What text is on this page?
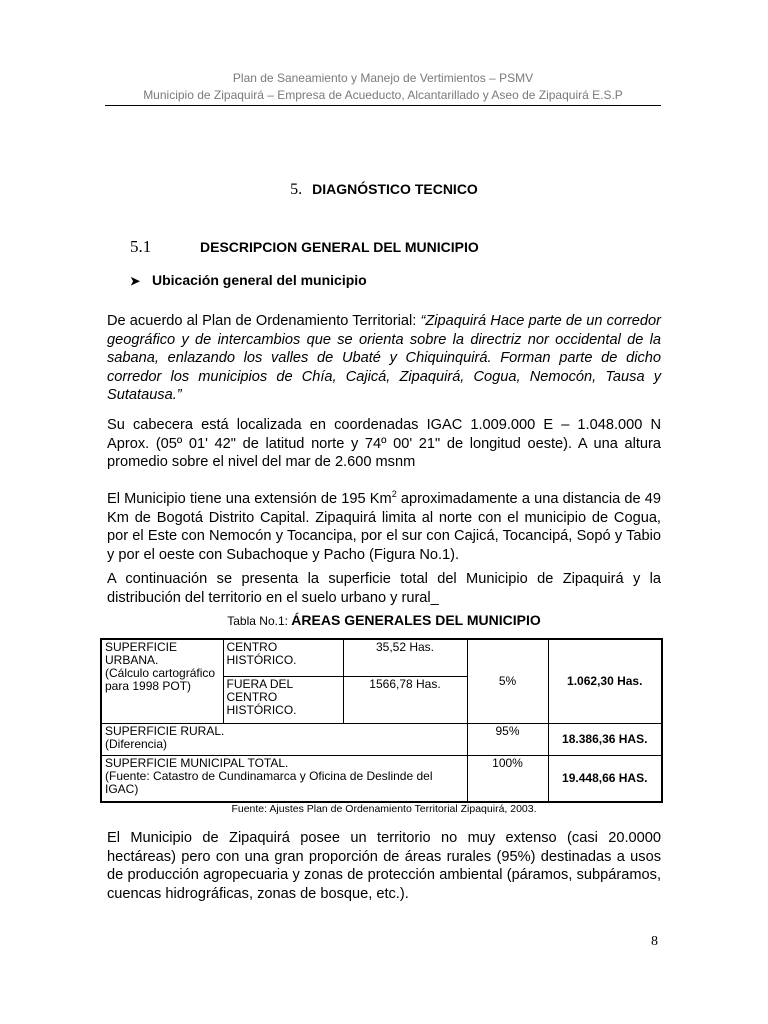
Plan de Saneamiento y Manejo de Vertimientos – PSMV
Municipio de Zipaquirá – Empresa de Acueducto, Alcantarillado y Aseo de Zipaquirá E.S.P
5. DIAGNÓSTICO TECNICO
5.1	DESCRIPCION GENERAL DEL MUNICIPIO
➤ Ubicación general del municipio
De acuerdo al Plan de Ordenamiento Territorial: “Zipaquirá Hace parte de un corredor geográfico y de intercambios que se orienta sobre la directriz nor occidental de la sabana, enlazando los valles de Ubaté y Chiquinquirá. Forman parte de dicho corredor los municipios de Chía, Cajicá, Zipaquirá, Cogua, Nemocón, Tausa y Sutatausa.”
Su cabecera está localizada en coordenadas IGAC 1.009.000 E – 1.048.000 N Aprox. (05º 01' 42" de latitud norte y 74º 00' 21" de longitud oeste). A una altura promedio sobre el nivel del mar de 2.600 msnm
El Municipio tiene una extensión de 195 Km$^2$ aproximadamente a una distancia de 49 Km de Bogotá Distrito Capital. Zipaquirá limita al norte con el municipio de Cogua, por el Este con Nemocón y Tocancipa, por el sur con Cajicá, Tocancipá, Sopó y Tabio y por el oeste con Subachoque y Pacho (Figura No.1).
A continuación se presenta la superficie total del Municipio de Zipaquirá y la distribución del territorio en el suelo urbano y rural_
Tabla No.1: ÁREAS GENERALES DEL MUNICIPIO
SUPERFICIE URBANA.
(Cálculo cartográfico para 1998 POT)	CENTRO HISTÓRICO.	35,52 Has.	5%	1.062,30 Has.
	FUERA DEL CENTRO HISTÓRICO.	1566,78 Has.		

SUPERFICIE RURAL.
(Diferencia)			95%	18.386,36 HAS.

SUPERFICIE MUNICIPAL TOTAL.
(Fuente: Catastro de Cundinamarca y Oficina de Deslinde del IGAC)			100%	19.448,66 HAS.
Fuente: Ajustes Plan de Ordenamiento Territorial Zipaquirá, 2003.
El Municipio de Zipaquirá posee un territorio no muy extenso (casi 20.0000 hectáreas) pero con una gran proporción de áreas rurales (95%) destinadas a usos de producción agropecuaria y zonas de protección ambiental (páramos, subpáramos, cuencas hidrográficas, zonas de bosque, etc.).
8
